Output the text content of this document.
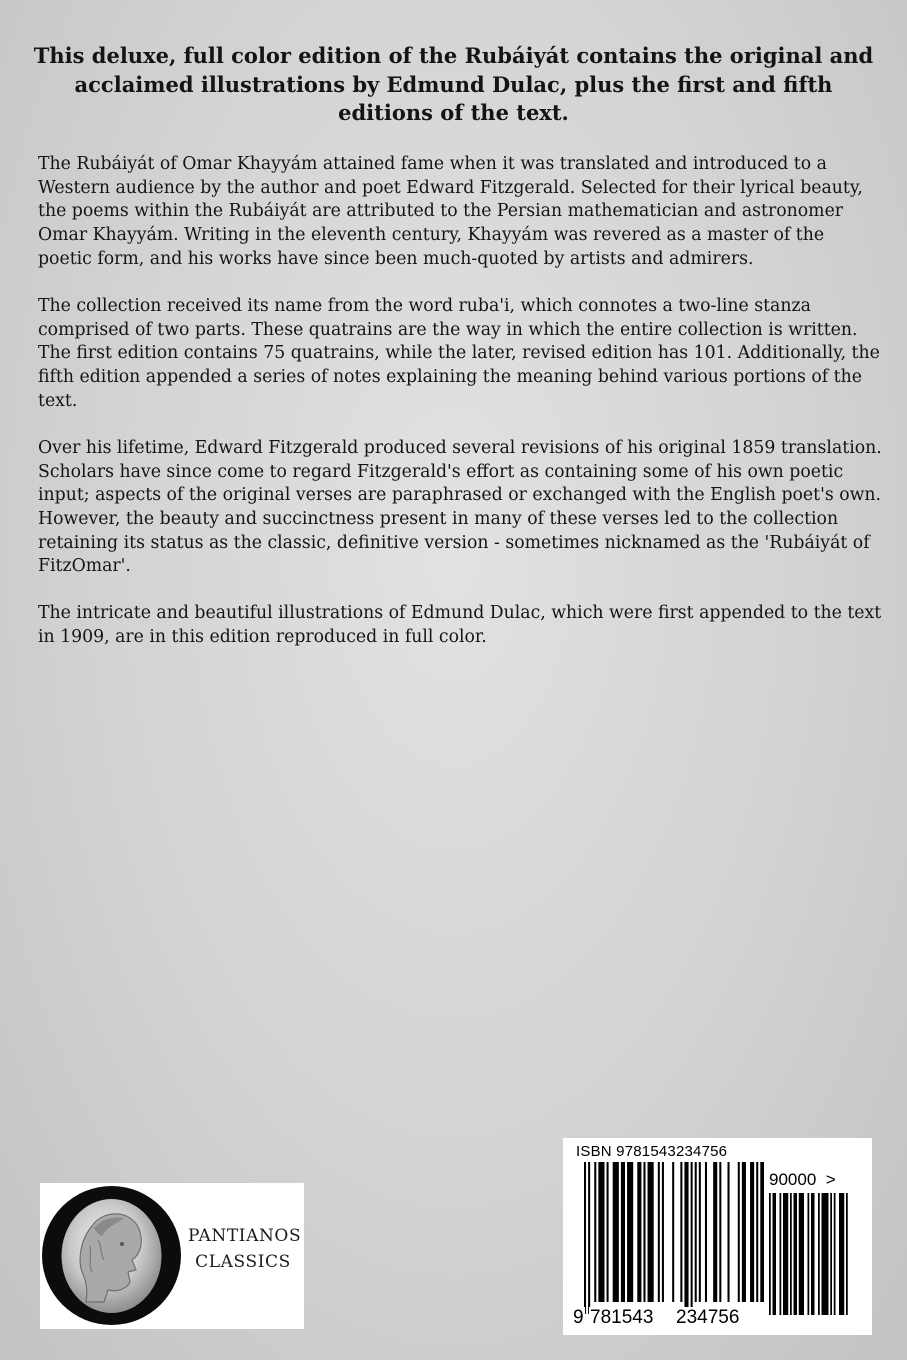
This deluxe, full color edition of the Rubáiyát contains the original and acclaimed illustrations by Edmund Dulac, plus the first and fifth editions of the text.

The Rubáiyát of Omar Khayyám attained fame when it was translated and introduced to a Western audience by the author and poet Edward Fitzgerald. Selected for their lyrical beauty, the poems within the Rubáiyát are attributed to the Persian mathematician and astronomer Omar Khayyám. Writing in the eleventh century, Khayyám was revered as a master of the poetic form, and his works have since been much-quoted by artists and admirers.

The collection received its name from the word ruba'i, which connotes a two-line stanza comprised of two parts. These quatrains are the way in which the entire collection is written. The first edition contains 75 quatrains, while the later, revised edition has 101. Additionally, the fifth edition appended a series of notes explaining the meaning behind various portions of the text.

Over his lifetime, Edward Fitzgerald produced several revisions of his original 1859 translation. Scholars have since come to regard Fitzgerald's effort as containing some of his own poetic input; aspects of the original verses are paraphrased or exchanged with the English poet's own. However, the beauty and succinctness present in many of these verses led to the collection retaining its status as the classic, definitive version - sometimes nicknamed as the 'Rubáiyát of FitzOmar'.

The intricate and beautiful illustrations of Edmund Dulac, which were first appended to the text in 1909, are in this edition reproduced in full color.

PANTIANOS
CLASSICS
ISBN 9781543234756
90000  >
9 781543 234756
